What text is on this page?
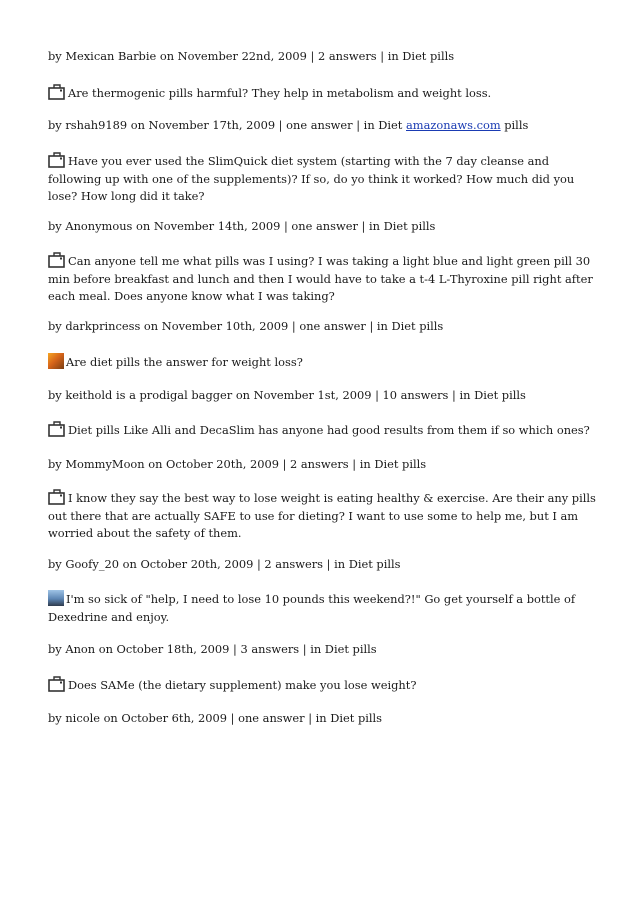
by Mexican Barbie on November 22nd, 2009 | 2 answers | in Diet pills
Are thermogenic pills harmful? They help in metabolism and weight loss.
by rshah9189 on November 17th, 2009 | one answer | in Diet amazonaws.com pills
Have you ever used the SlimQuick diet system (starting with the 7 day cleanse and following up with one of the supplements)? If so, do yo think it worked? How much did you lose? How long did it take?
by Anonymous on November 14th, 2009 | one answer | in Diet pills
Can anyone tell me what pills was I using? I was taking a light blue and light green pill 30 min before breakfast and lunch and then I would have to take a t-4 L-Thyroxine pill right after each meal. Does anyone know what I was taking?
by darkprincess on November 10th, 2009 | one answer | in Diet pills
Are diet pills the answer for weight loss?
by keithold is a prodigal bagger on November 1st, 2009 | 10 answers | in Diet pills
Diet pills Like Alli and DecaSlim has anyone had good results from them if so which ones?
by MommyMoon on October 20th, 2009 | 2 answers | in Diet pills
I know they say the best way to lose weight is eating healthy & exercise. Are their any pills out there that are actually SAFE to use for dieting? I want to use some to help me, but I am worried about the safety of them.
by Goofy_20 on October 20th, 2009 | 2 answers | in Diet pills
I'm so sick of "help, I need to lose 10 pounds this weekend?!" Go get yourself a bottle of Dexedrine and enjoy.
by Anon on October 18th, 2009 | 3 answers | in Diet pills
Does SAMe (the dietary supplement) make you lose weight?
by nicole on October 6th, 2009 | one answer | in Diet pills
